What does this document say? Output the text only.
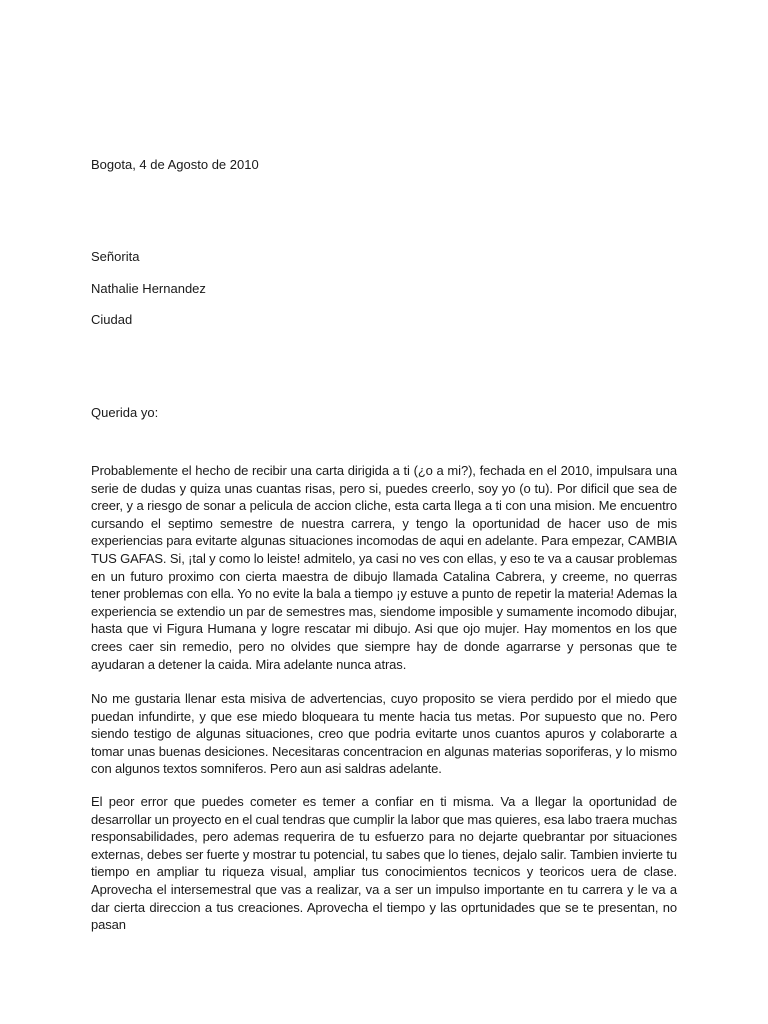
Bogota, 4 de Agosto de 2010
Señorita
Nathalie Hernandez
Ciudad
Querida yo:
Probablemente el hecho de recibir una carta dirigida a ti (¿o a mi?), fechada en el 2010, impulsara una serie de dudas y quiza unas cuantas risas, pero si, puedes creerlo, soy yo (o tu). Por dificil que sea de creer, y a riesgo de sonar a pelicula de accion cliche, esta carta llega a ti con una mision. Me encuentro cursando el septimo semestre de nuestra carrera, y tengo la oportunidad de hacer uso de mis experiencias para evitarte algunas situaciones incomodas de aqui en adelante. Para empezar, CAMBIA TUS GAFAS. Si, ¡tal y como lo leiste! admitelo, ya casi no ves con ellas, y eso te va a causar problemas en un futuro proximo con cierta maestra de dibujo llamada Catalina Cabrera, y creeme, no querras tener problemas con ella. Yo no evite la bala a tiempo ¡y estuve a punto de repetir la materia! Ademas la experiencia se extendio un par de semestres mas, siendome imposible y sumamente incomodo dibujar, hasta que vi Figura Humana y logre rescatar mi dibujo. Asi que ojo mujer. Hay momentos en los que crees caer sin remedio, pero no olvides que siempre hay de donde agarrarse y personas que te ayudaran a detener la caida. Mira adelante nunca atras.
No me gustaria llenar esta misiva de advertencias, cuyo proposito se viera perdido por el miedo que puedan infundirte, y que ese miedo bloqueara tu mente hacia tus metas. Por supuesto que no. Pero siendo testigo de algunas situaciones, creo que podria evitarte unos cuantos apuros y colaborarte a tomar unas buenas desiciones. Necesitaras concentracion en algunas materias soporiferas, y lo mismo con algunos textos somniferos. Pero aun asi saldras adelante.
El peor error que puedes cometer es temer a confiar en ti misma. Va a llegar la oportunidad de desarrollar un proyecto en el cual tendras que cumplir la labor que mas quieres, esa labo traera muchas responsabilidades, pero ademas requerira de tu esfuerzo para no dejarte quebrantar por situaciones externas, debes ser fuerte y mostrar tu potencial, tu sabes que lo tienes, dejalo salir. Tambien invierte tu tiempo en ampliar tu riqueza visual, ampliar tus conocimientos tecnicos y teoricos uera de clase. Aprovecha el intersemestral que vas a realizar, va a ser un impulso importante en tu carrera y le va a dar cierta direccion a tus creaciones. Aprovecha el tiempo y las oprtunidades que se te presentan, no pasan
